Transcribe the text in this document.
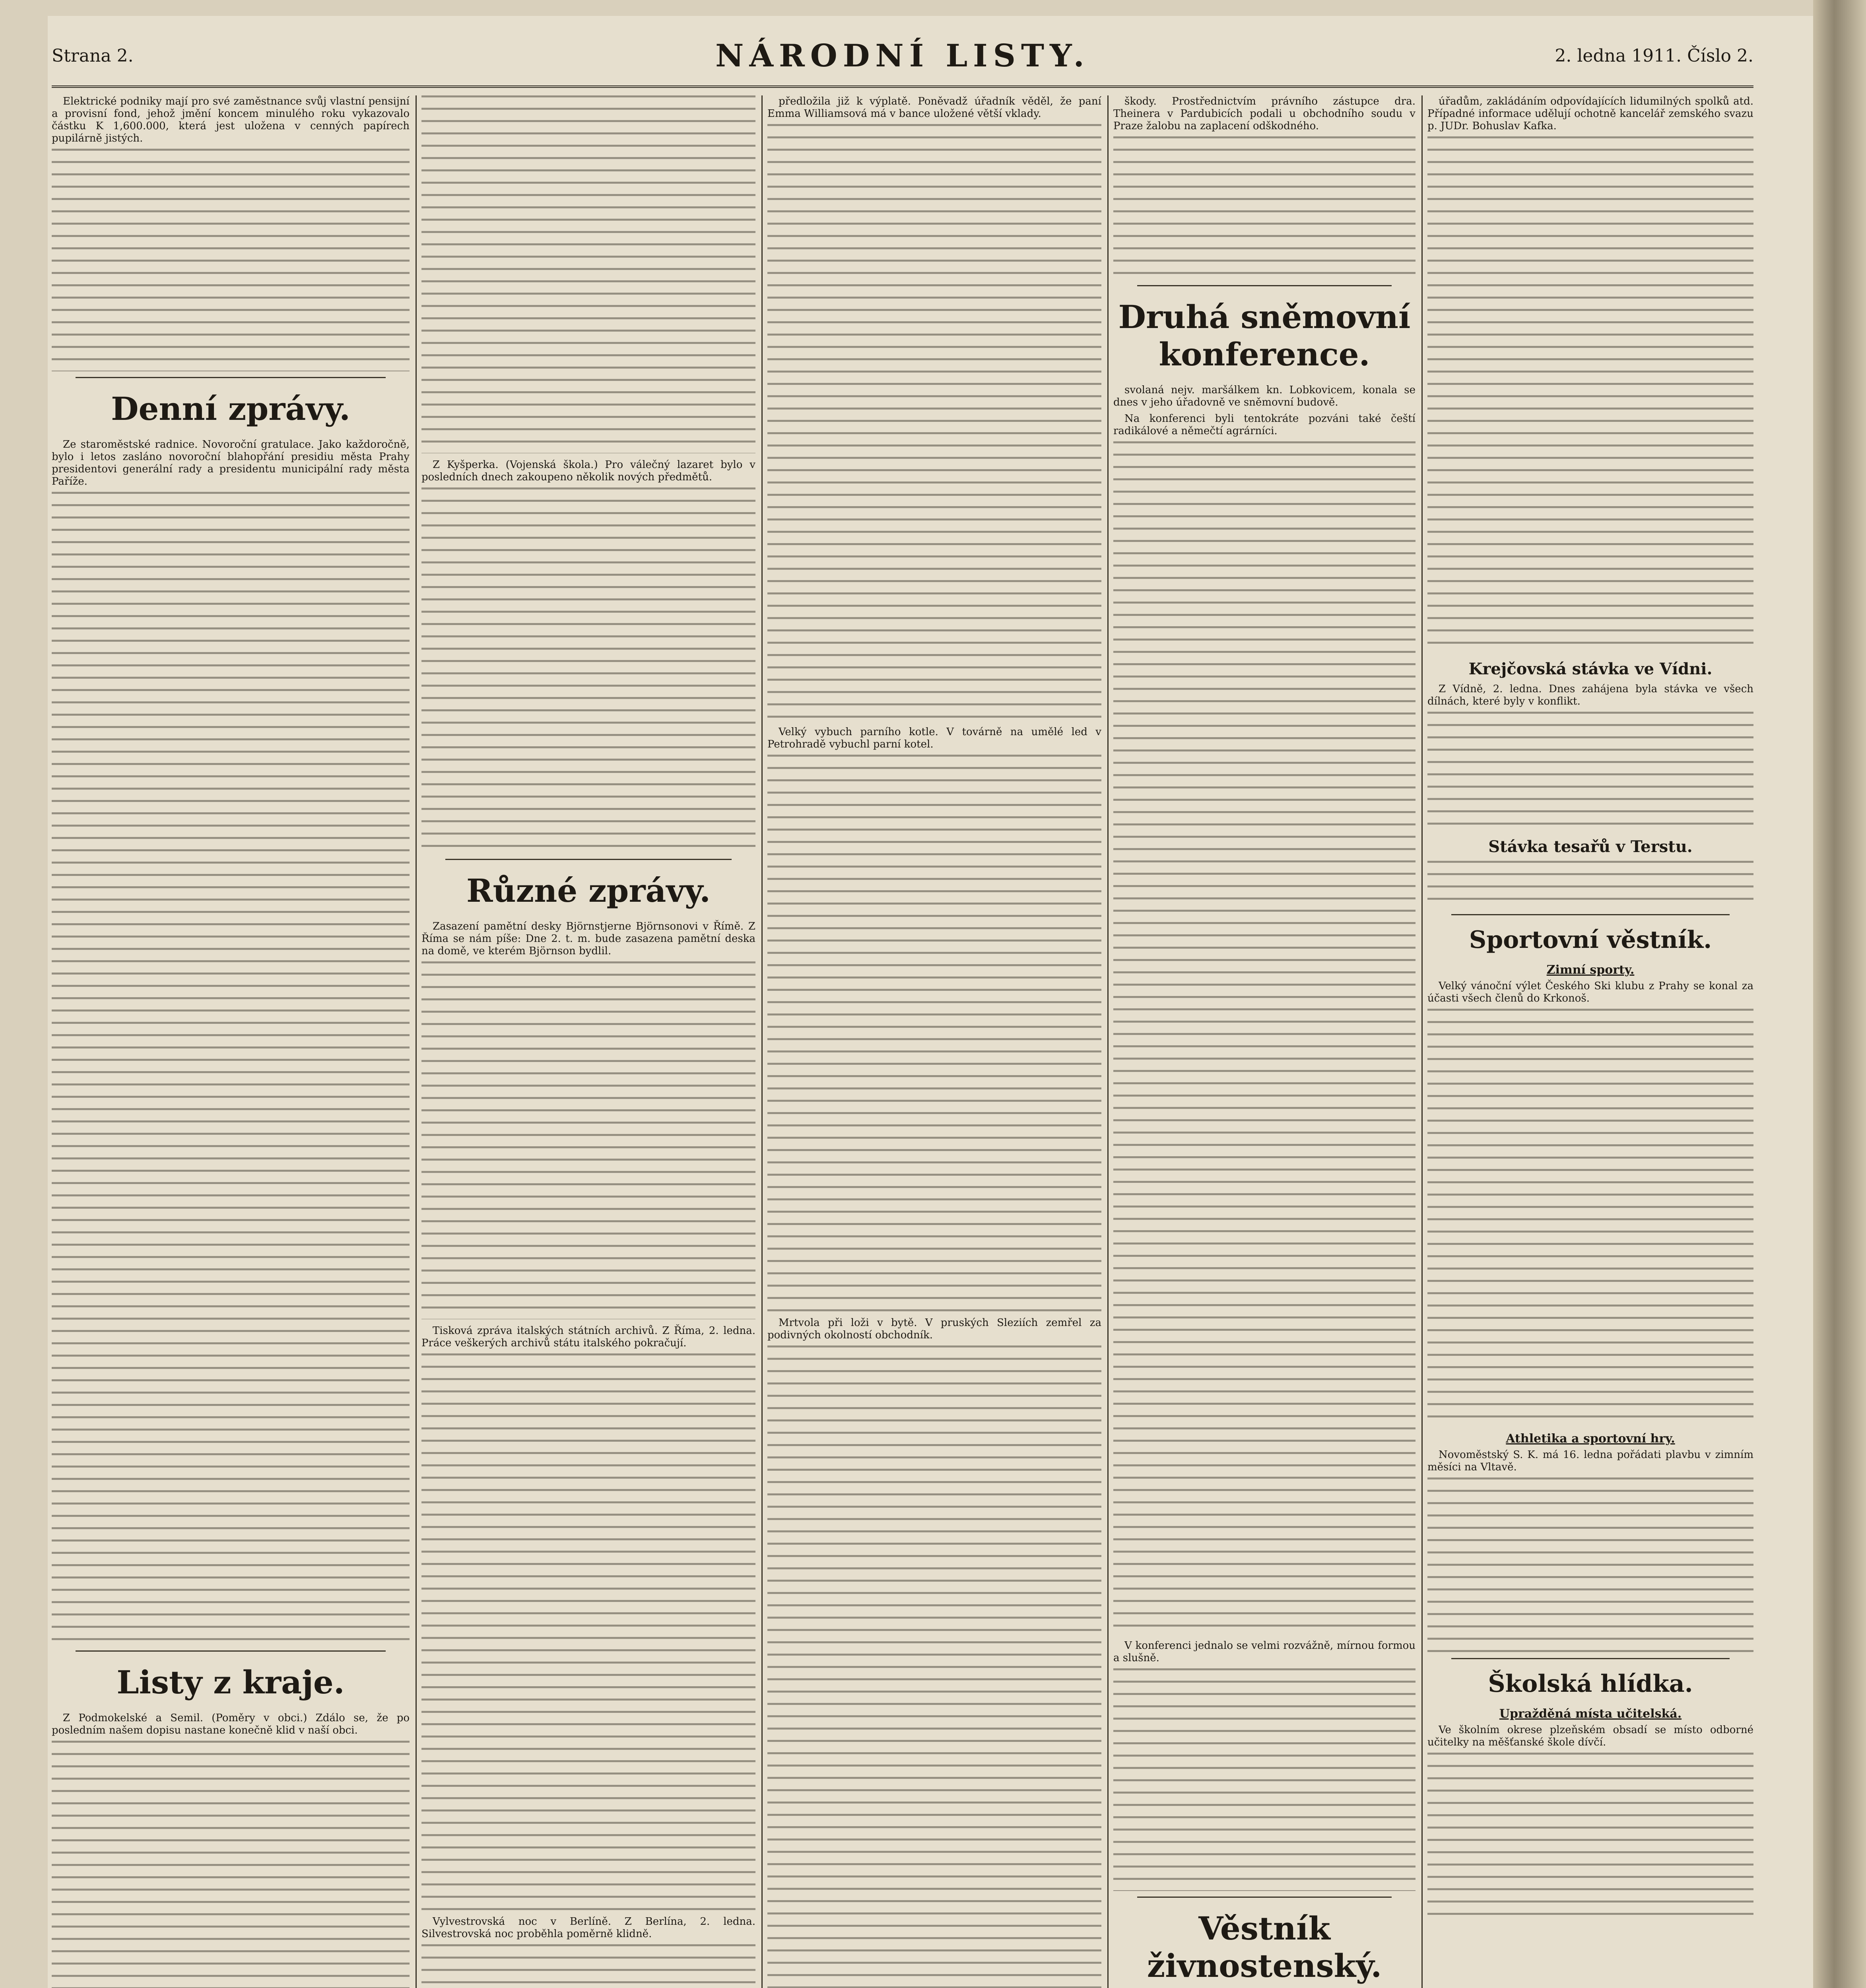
Strana 2.	NÁRODNÍ LISTY.	2. ledna 1911. Číslo 2.

Elektrické podniky mají pro své zaměstnance svůj vlastní pensijní a provisní fond, jehož jmění koncem minulého roku vykazovalo částku K 1,600.000, která jest uložena v cenných papírech pupilárně jistých.

Denní zprávy.

Ze staroměstské radnice. Novoroční gratulace. Jako každoročně, bylo i letos zasláno novoroční blahopřání presidiu města Prahy presidentovi generální rady a presidentu municipální rady města Paříže.

Listy z kraje.

Z Podmokelské a Semil. (Poměry v obci.) Zdálo se, že po posledním našem dopisu nastane konečně klid v naší obci.

Z Kyšperka. (Vojenská škola.) Pro válečný lazaret bylo v posledních dnech zakoupeno několik nových předmětů.

Různé zprávy.

Zasazení pamětní desky Björnstjerne Björnsonovi v Římě. Z Říma se nám píše: Dne 2. t. m. bude zasazena pamětní deska na domě, ve kterém Björnson bydlil.

Tisková zpráva italských státních archivů. Z Říma, 2. ledna. Práce veškerých archivů státu italského pokračují.

Vylvestrovská noc v Berlíně. Z Berlína, 2. ledna. Silvestrovská noc proběhla poměrně klidně.

předložila již k výplatě. Poněvadž úřadník věděl, že paní Emma Williamsová má v bance uložené větší vklady.

Velký vybuch parního kotle. V továrně na umělé led v Petrohradě vybuchl parní kotel.

Mrtvola při loži v bytě. V pruských Sleziích zemřel za podivných okolností obchodník.

škody. Prostřednictvím právního zástupce dra. Theinera v Pardubicích podali u obchodního soudu v Praze žalobu na zaplacení odškodného.

Druhá sněmovní konference.

svolaná nejv. maršálkem kn. Lobkovicem, konala se dnes v jeho úřadovně ve sněmovní budově.

Na konferenci byli tentokráte pozváni také čeští radikálové a němečtí agrárníci.

V konferenci jednalo se velmi rozvážně, mírnou formou a slušně.

Věstník živnostenský.

úřadům, zakládáním odpovídajících lidumilných spolků atd. Případné informace udělují ochotně kancelář zemského svazu p. JUDr. Bohuslav Kafka.

Krejčovská stávka ve Vídni.

Z Vídně, 2. ledna. Dnes zahájena byla stávka ve všech dílnách, které byly v konflikt.

Stávka tesařů v Terstu.
Sportovní věstník.
Zimní sporty.

Velký vánoční výlet Českého Ski klubu z Prahy se konal za účasti všech členů do Krkonoš.

Athletika a sportovní hry.

Novoměstský S. K. má 16. ledna pořádati plavbu v zimním měsíci na Vltavě.

Školská hlídka.
Upražděná místa učitelská.

Ve školním okrese plzeňském obsadí se místo odborné učitelky na měšťanské škole dívčí.
